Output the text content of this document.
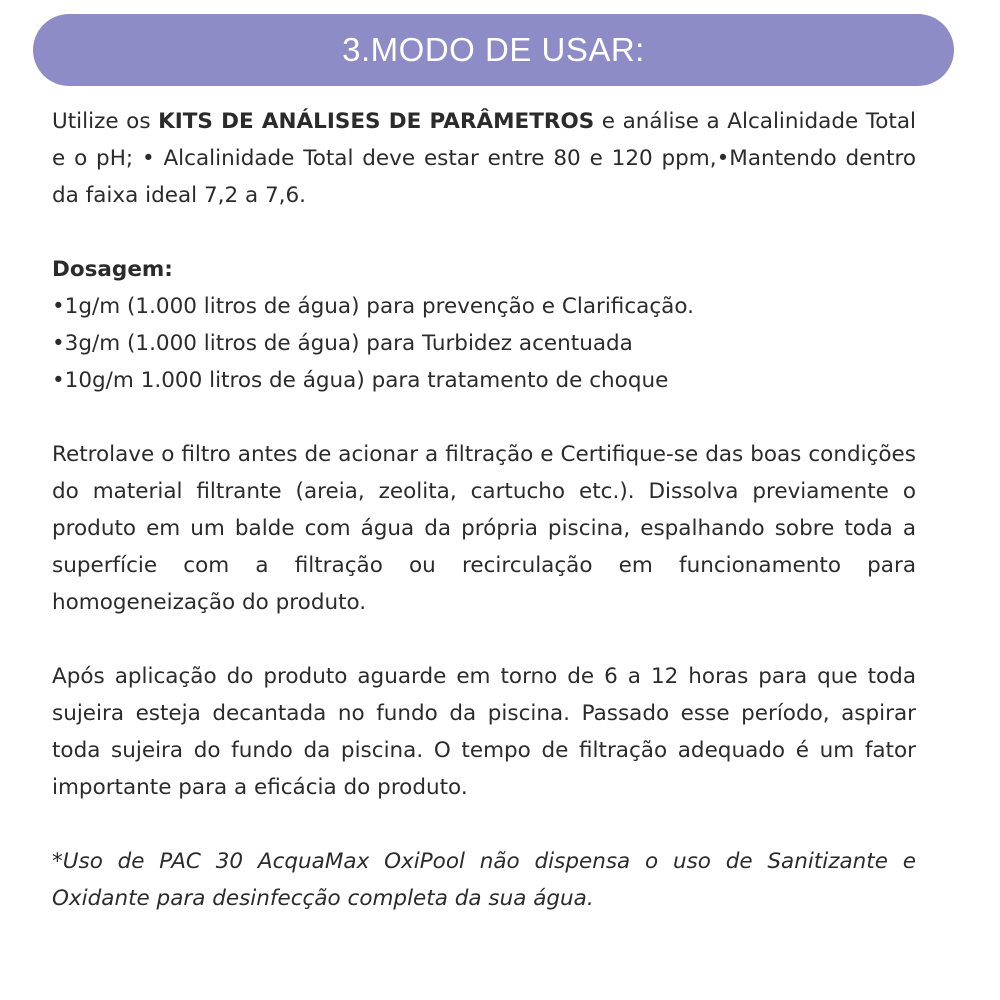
3.MODO DE USAR:

Utilize os KITS DE ANÁLISES DE PARÂMETROS e análise a Alcalinidade Total e o pH; • Alcalinidade Total deve estar entre 80 e 120 ppm,•Mantendo dentro da faixa ideal 7,2 a 7,6.

Dosagem:

•1g/m (1.000 litros de água) para prevenção e Clarificação.

•3g/m (1.000 litros de água) para Turbidez acentuada

•10g/m 1.000 litros de água) para tratamento de choque

Retrolave o filtro antes de acionar a filtração e Certifique-se das boas condições do material filtrante (areia, zeolita, cartucho etc.). Dissolva previamente o produto em um balde com água da própria piscina, espalhando sobre toda a superfície com a filtração ou recirculação em funcionamento para homogeneização do produto.

Após aplicação do produto aguarde em torno de 6 a 12 horas para que toda sujeira esteja decantada no fundo da piscina. Passado esse período, aspirar toda sujeira do fundo da piscina. O tempo de filtração adequado é um fator importante para a eficácia do produto.

*Uso de PAC 30 AcquaMax OxiPool não dispensa o uso de Sanitizante e Oxidante para desinfecção completa da sua água.
